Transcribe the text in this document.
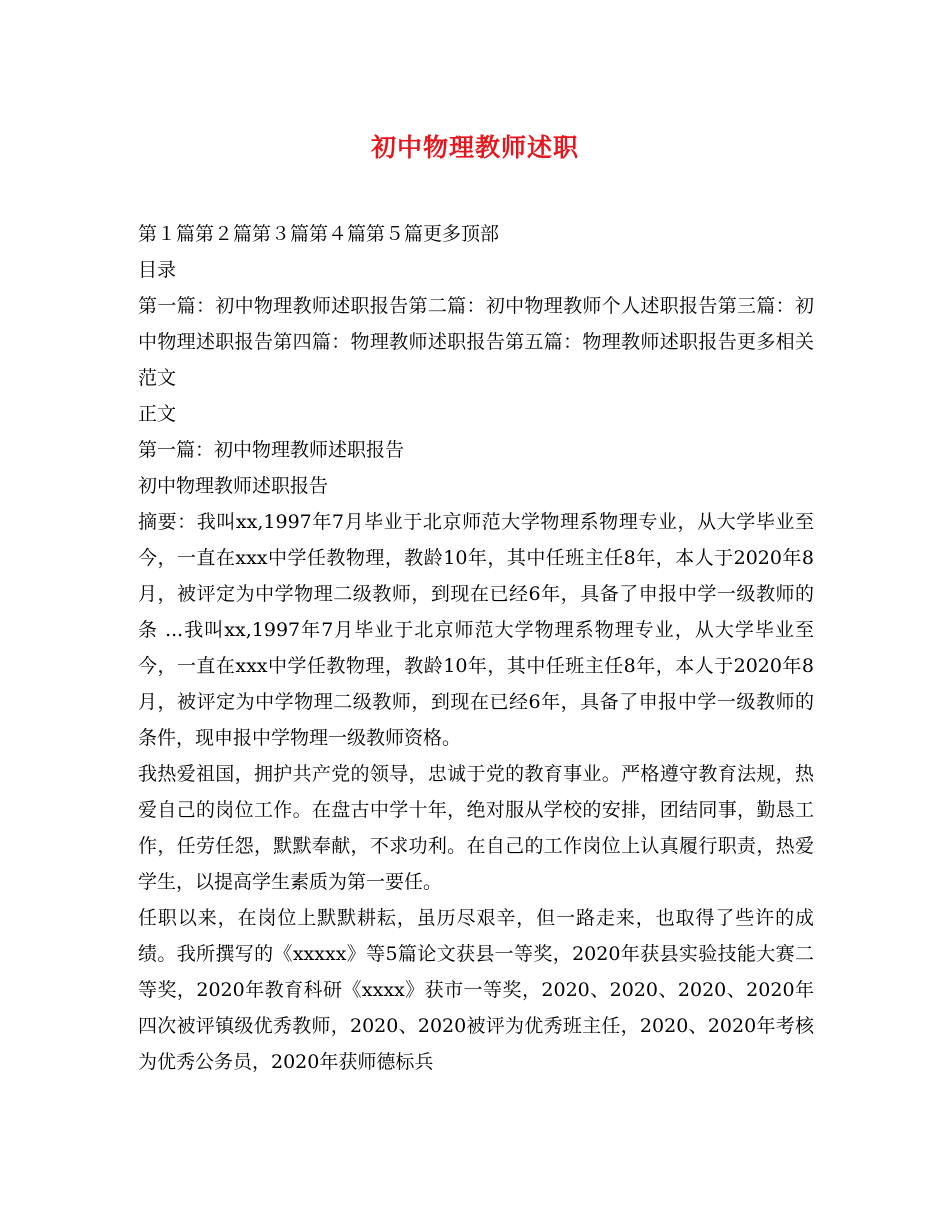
初中物理教师述职

第１篇第２篇第３篇第４篇第５篇更多顶部

目录

第一篇：初中物理教师述职报告第二篇：初中物理教师个人述职报告第三篇：初中物理述职报告第四篇：物理教师述职报告第五篇：物理教师述职报告更多相关范文

正文

第一篇：初中物理教师述职报告

初中物理教师述职报告

摘要：我叫xx,1997年7月毕业于北京师范大学物理系物理专业，从大学毕业至今，一直在xxx中学任教物理，教龄10年，其中任班主任8年，本人于2020年8月，被评定为中学物理二级教师，到现在已经6年，具备了申报中学一级教师的条 ...我叫xx,1997年7月毕业于北京师范大学物理系物理专业，从大学毕业至今，一直在xxx中学任教物理，教龄10年，其中任班主任8年，本人于2020年8月，被评定为中学物理二级教师，到现在已经6年，具备了申报中学一级教师的条件，现申报中学物理一级教师资格。

我热爱祖国，拥护共产党的领导，忠诚于党的教育事业。严格遵守教育法规，热爱自己的岗位工作。在盘古中学十年，绝对服从学校的安排，团结同事，勤恳工作，任劳任怨，默默奉献，不求功利。在自己的工作岗位上认真履行职责，热爱学生，以提高学生素质为第一要任。

任职以来，在岗位上默默耕耘，虽历尽艰辛，但一路走来，也取得了些许的成绩。我所撰写的《xxxxx》等5篇论文获县一等奖，2020年获县实验技能大赛二等奖，2020年教育科研《xxxx》获市一等奖，2020、2020、2020、2020年四次被评镇级优秀教师，2020、2020被评为优秀班主任，2020、2020年考核为优秀公务员，2020年获师德标兵
